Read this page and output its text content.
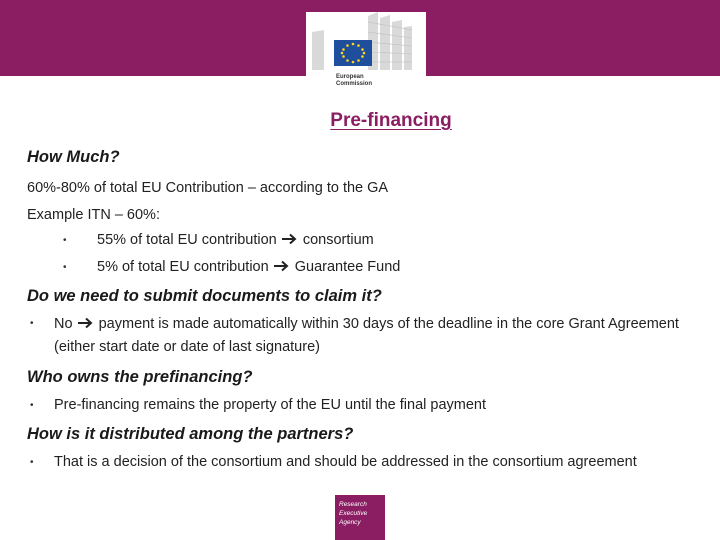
European
Commission
Pre-financing
How Much?
60%-80% of total EU Contribution – according to the GA
Example ITN – 60%:
• 55% of total EU contribution consortium
• 5% of total EU contribution Guarantee Fund
Do we need to submit documents to claim it?
• No payment is made automatically within 30 days of the deadline in the core Grant Agreement (either start date or date of last signature)
Who owns the prefinancing?
• Pre-financing remains the property of the EU until the final payment
How is it distributed among the partners?
• That is a decision of the consortium and should be addressed in the consortium agreement
Research
Executive
Agency
